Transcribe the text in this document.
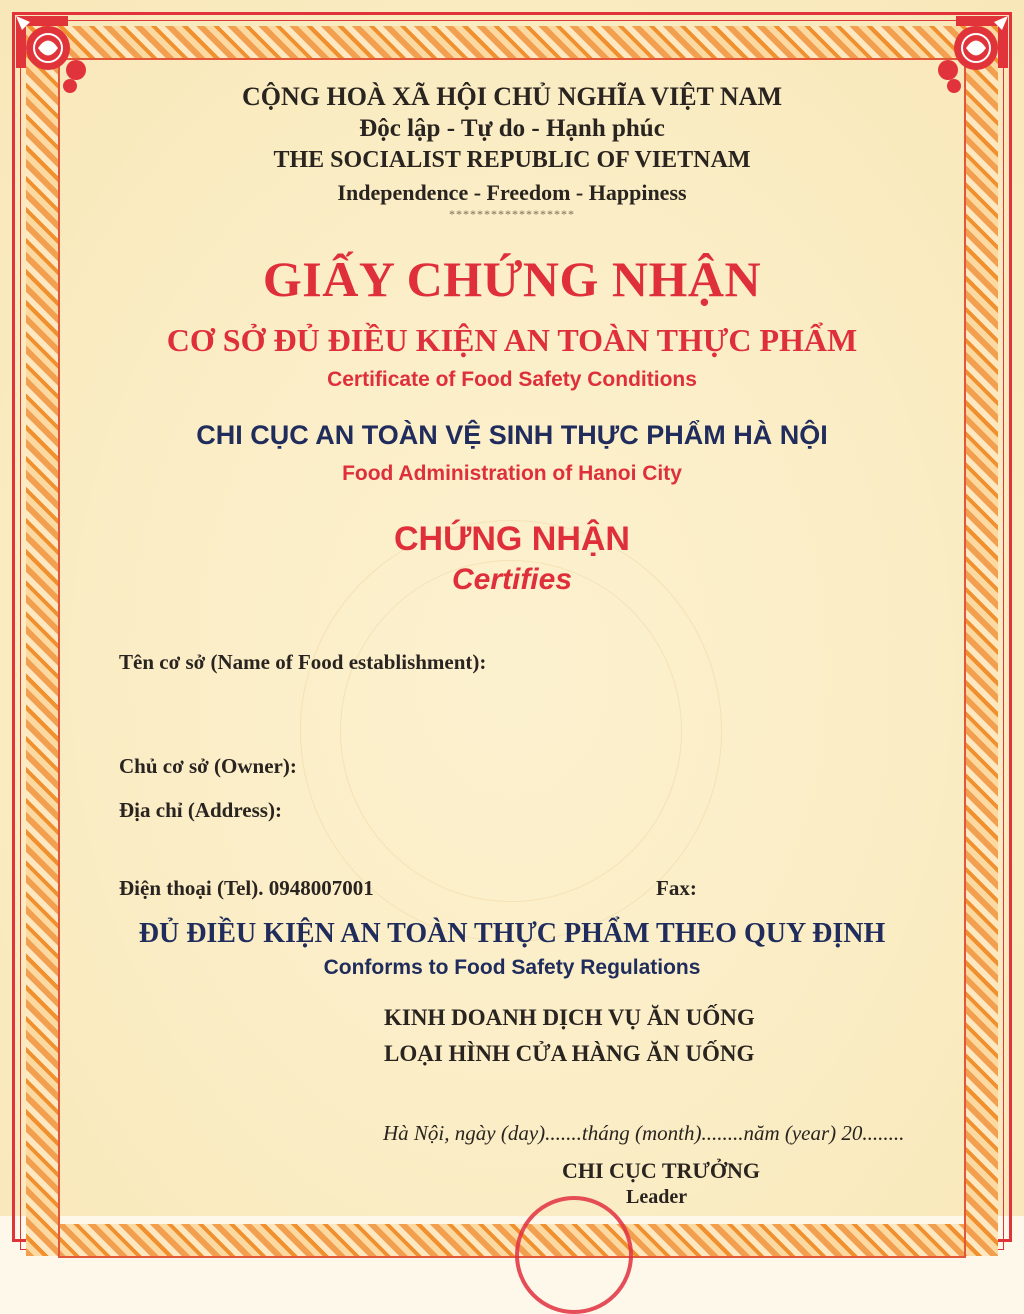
CỘNG HOÀ XÃ HỘI CHỦ NGHĨA VIỆT NAM
Độc lập - Tự do - Hạnh phúc
THE SOCIALIST REPUBLIC OF VIETNAM
Independence - Freedom - Happiness
******************
GIẤY CHỨNG NHẬN
CƠ SỞ ĐỦ ĐIỀU KIỆN AN TOÀN THỰC PHẨM
Certificate of Food Safety Conditions
CHI CỤC AN TOÀN VỆ SINH THỰC PHẨM HÀ NỘI
Food Administration of Hanoi City
CHỨNG NHẬN
Certifies
Tên cơ sở (Name of Food establishment):
Chủ cơ sở (Owner):
Địa chỉ (Address):
Điện thoại (Tel). 0948007001	Fax:
ĐỦ ĐIỀU KIỆN AN TOÀN THỰC PHẨM THEO QUY ĐỊNH
Conforms to Food Safety Regulations
KINH DOANH DỊCH VỤ ĂN UỐNG
LOẠI HÌNH CỬA HÀNG ĂN UỐNG
Hà Nội, ngày (day).......tháng (month)........năm (year) 20........
CHI CỤC TRƯỞNG
Leader
